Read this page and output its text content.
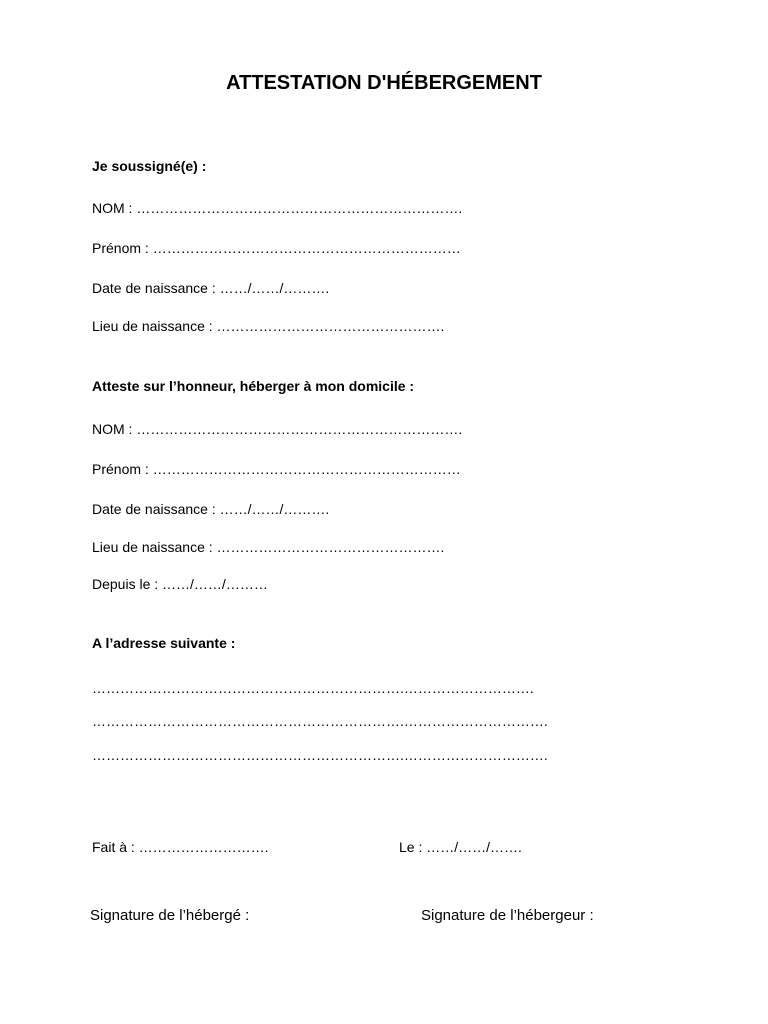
ATTESTATION D'HÉBERGEMENT
Je soussigné(e) :
NOM : …………………………………………………………….
Prénom : …………………………………………………………
Date de naissance : ……/……/……….
Lieu de naissance : ………………………………………….
Atteste sur l’honneur, héberger à mon domicile :
NOM : …………………………………………………………….
Prénom : …………………………………………………………
Date de naissance : ……/……/……….
Lieu de naissance : ………………………………………….
Depuis le : ……/……/………
A l’adresse suivante :
………………………………………………………….……………………….
………………………………………………………….………………………….
………………………………………………………….………………………….
Fait à : ……………………….	Le : ……/……/…….
Signature de l’hébergé :	Signature de l’hébergeur :
